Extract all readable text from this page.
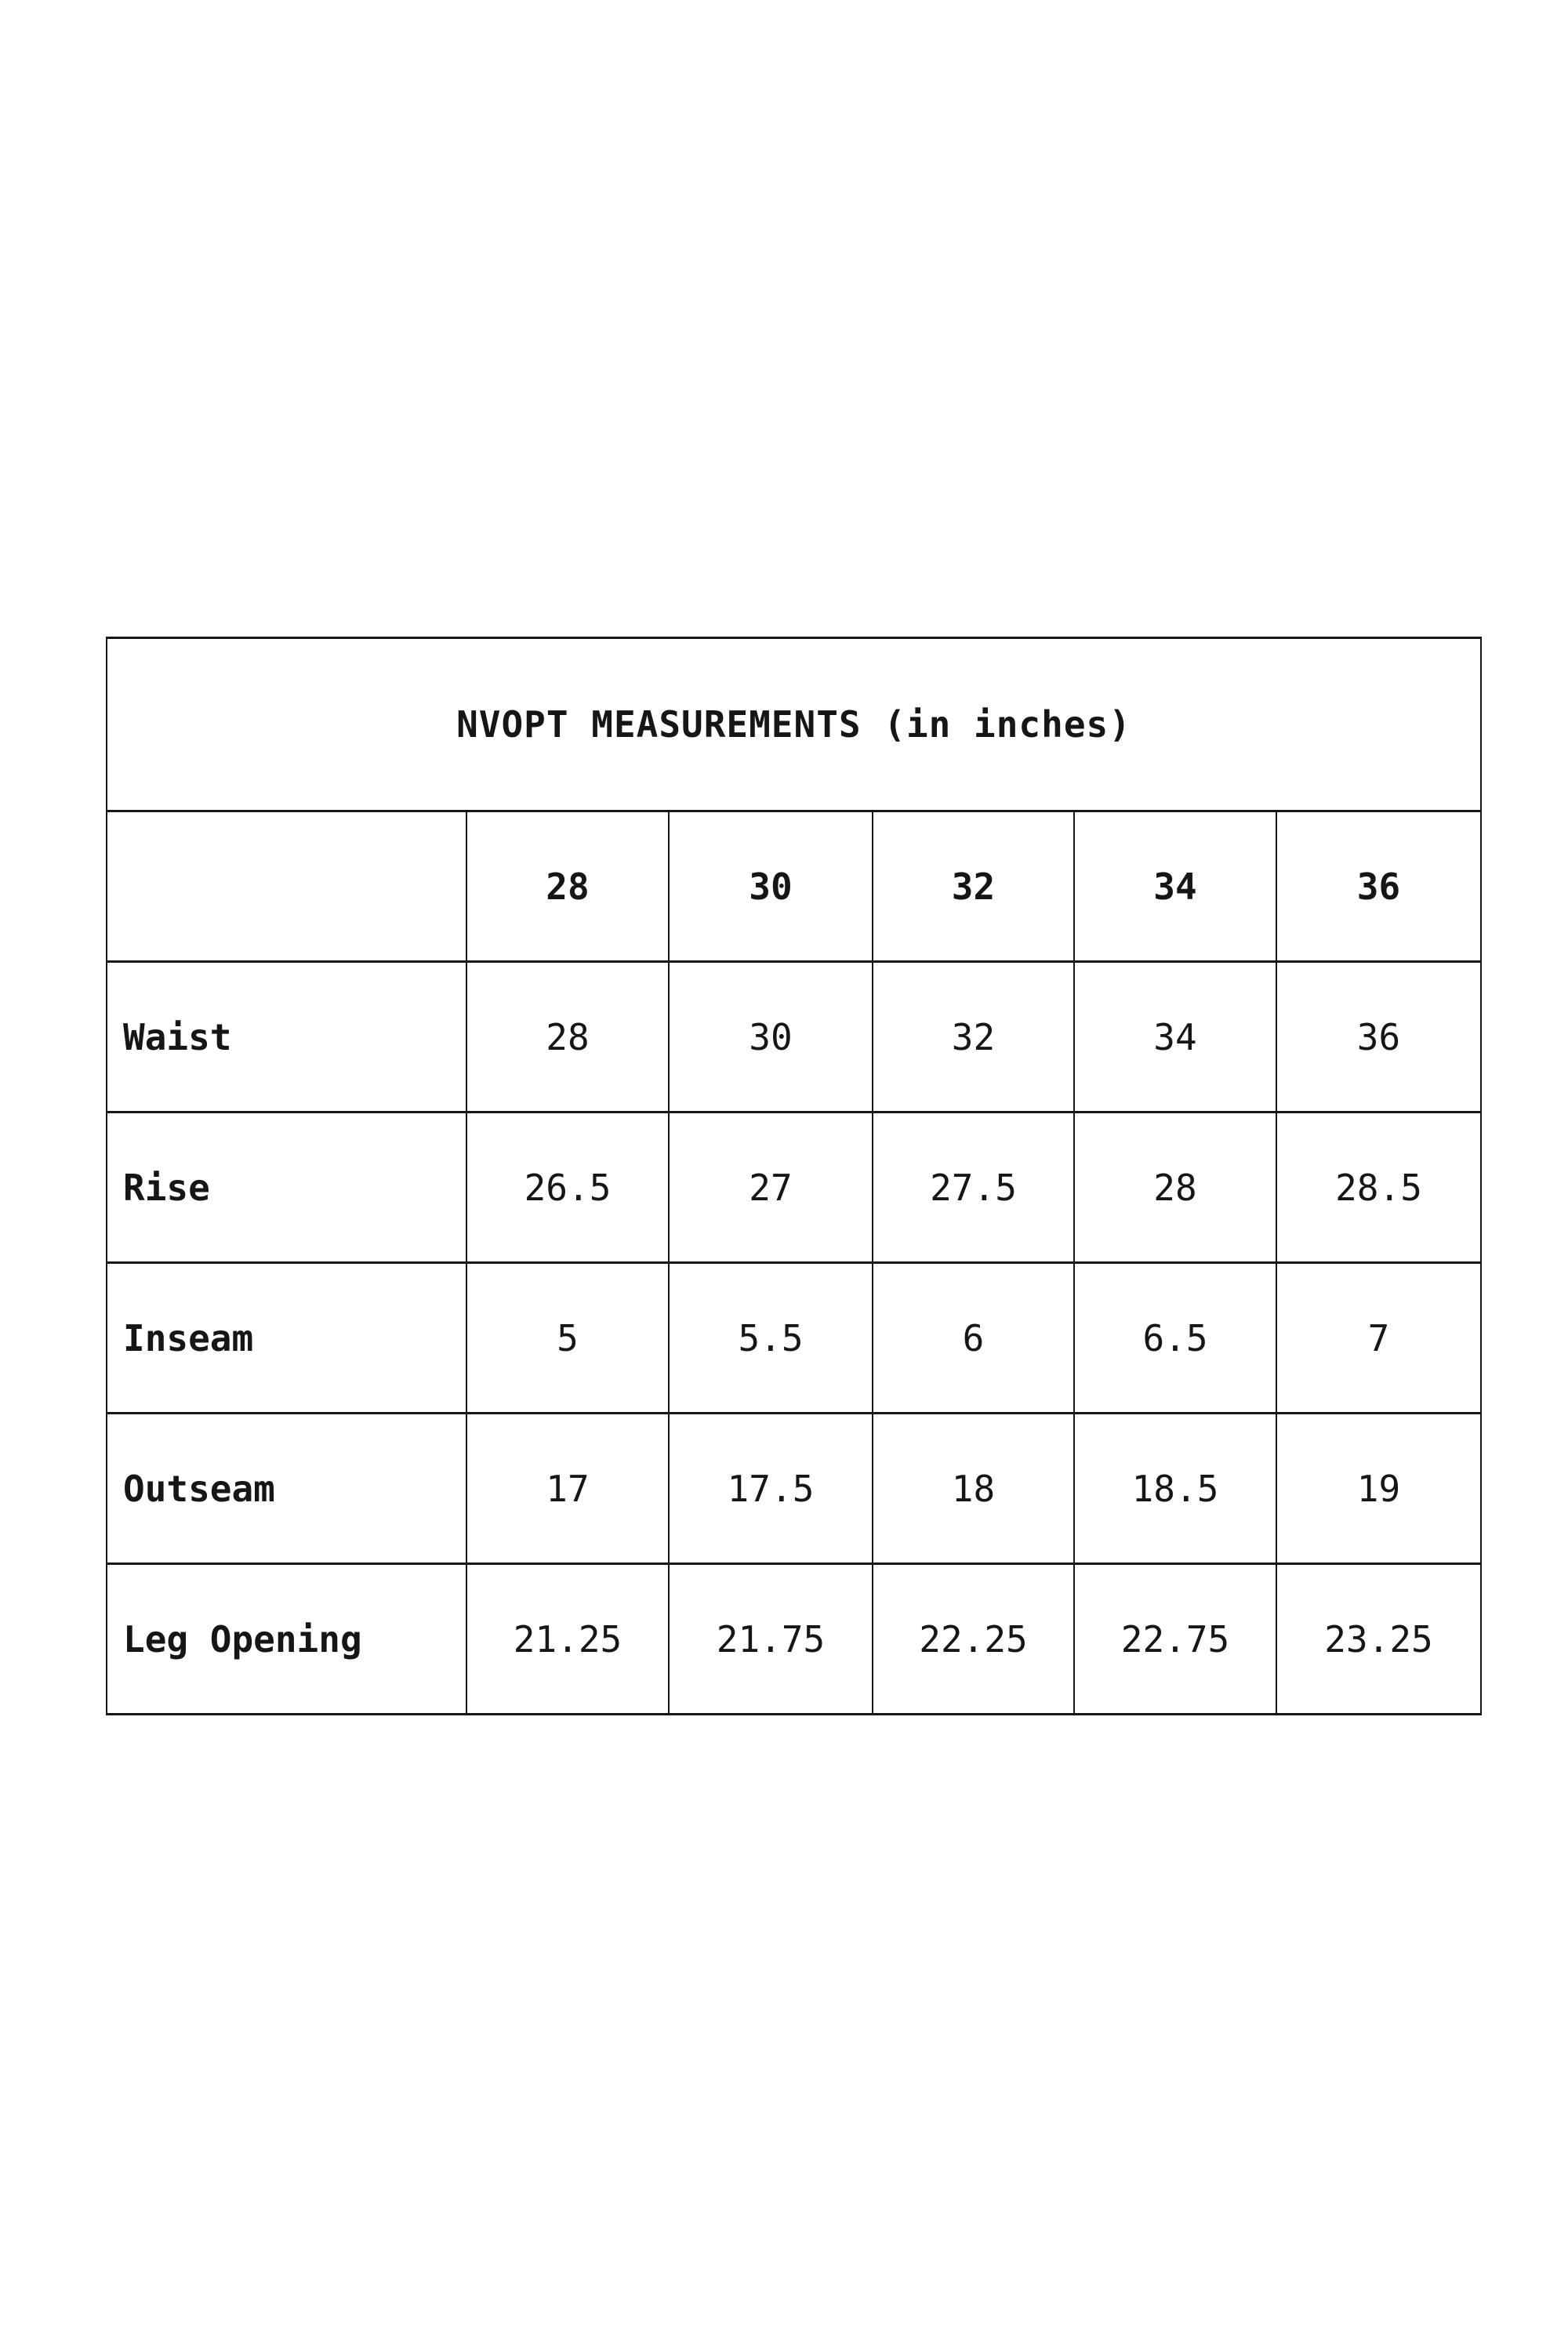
NVOPT MEASUREMENTS (in inches)					
	28	30	32	34	36
Waist	28	30	32	34	36
Rise	26.5	27	27.5	28	28.5
Inseam	5	5.5	6	6.5	7
Outseam	17	17.5	18	18.5	19
Leg Opening	21.25	21.75	22.25	22.75	23.25
